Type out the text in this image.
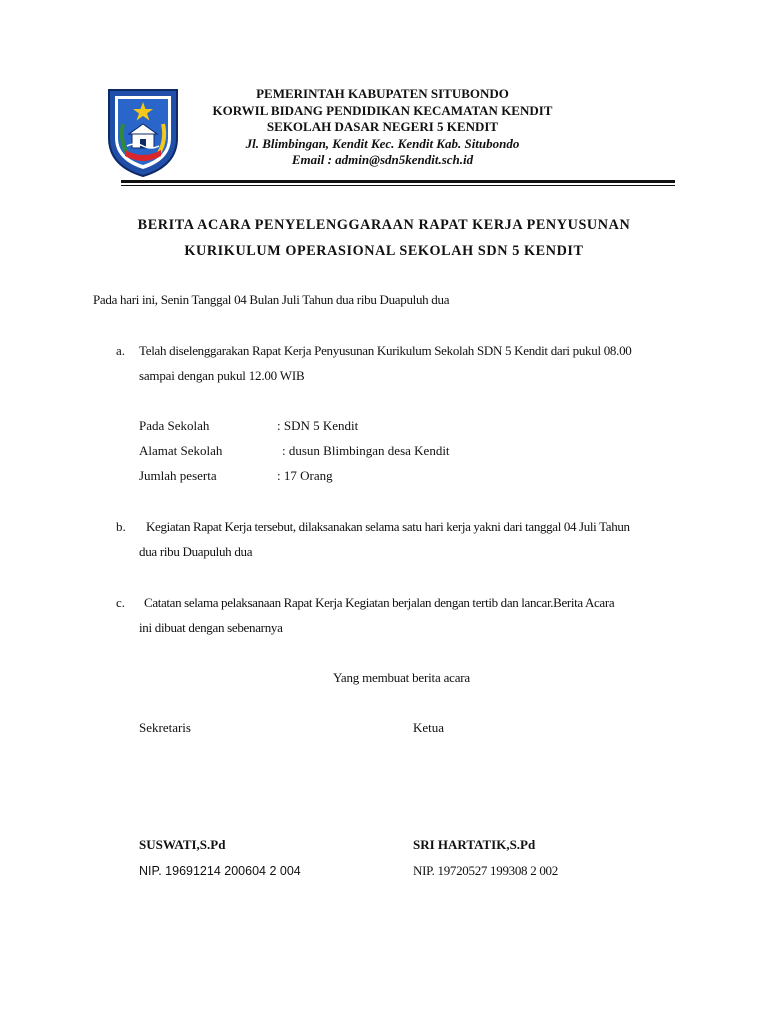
PEMERINTAH KABUPATEN SITUBONDO
KORWIL BIDANG PENDIDIKAN KECAMATAN KENDIT
SEKOLAH DASAR NEGERI 5 KENDIT
Jl. Blimbingan, Kendit Kec. Kendit Kab. Situbondo
Email : admin@sdn5kendit.sch.id
BERITA ACARA PENYELENGGARAAN RAPAT KERJA PENYUSUNAN
KURIKULUM OPERASIONAL SEKOLAH SDN 5 KENDIT
Pada hari ini, Senin Tanggal 04 Bulan Juli Tahun dua ribu Duapuluh dua
a. Telah diselenggarakan Rapat Kerja Penyusunan Kurikulum Sekolah SDN 5 Kendit dari pukul 08.00
sampai dengan pukul 12.00 WIB
Pada Sekolah	: SDN 5 Kendit
Alamat Sekolah	: dusun Blimbingan desa Kendit
Jumlah peserta	: 17 Orang
b. Kegiatan Rapat Kerja tersebut, dilaksanakan selama satu hari kerja yakni dari tanggal 04 Juli Tahun
dua ribu Duapuluh dua
c. Catatan selama pelaksanaan Rapat Kerja Kegiatan berjalan dengan tertib dan lancar.Berita Acara
ini dibuat dengan sebenarnya
Yang membuat berita acara
Sekretaris	Ketua
SUSWATI,S.Pd	SRI HARTATIK,S.Pd
NIP. 19691214 200604 2 004	NIP. 19720527 199308 2 002
